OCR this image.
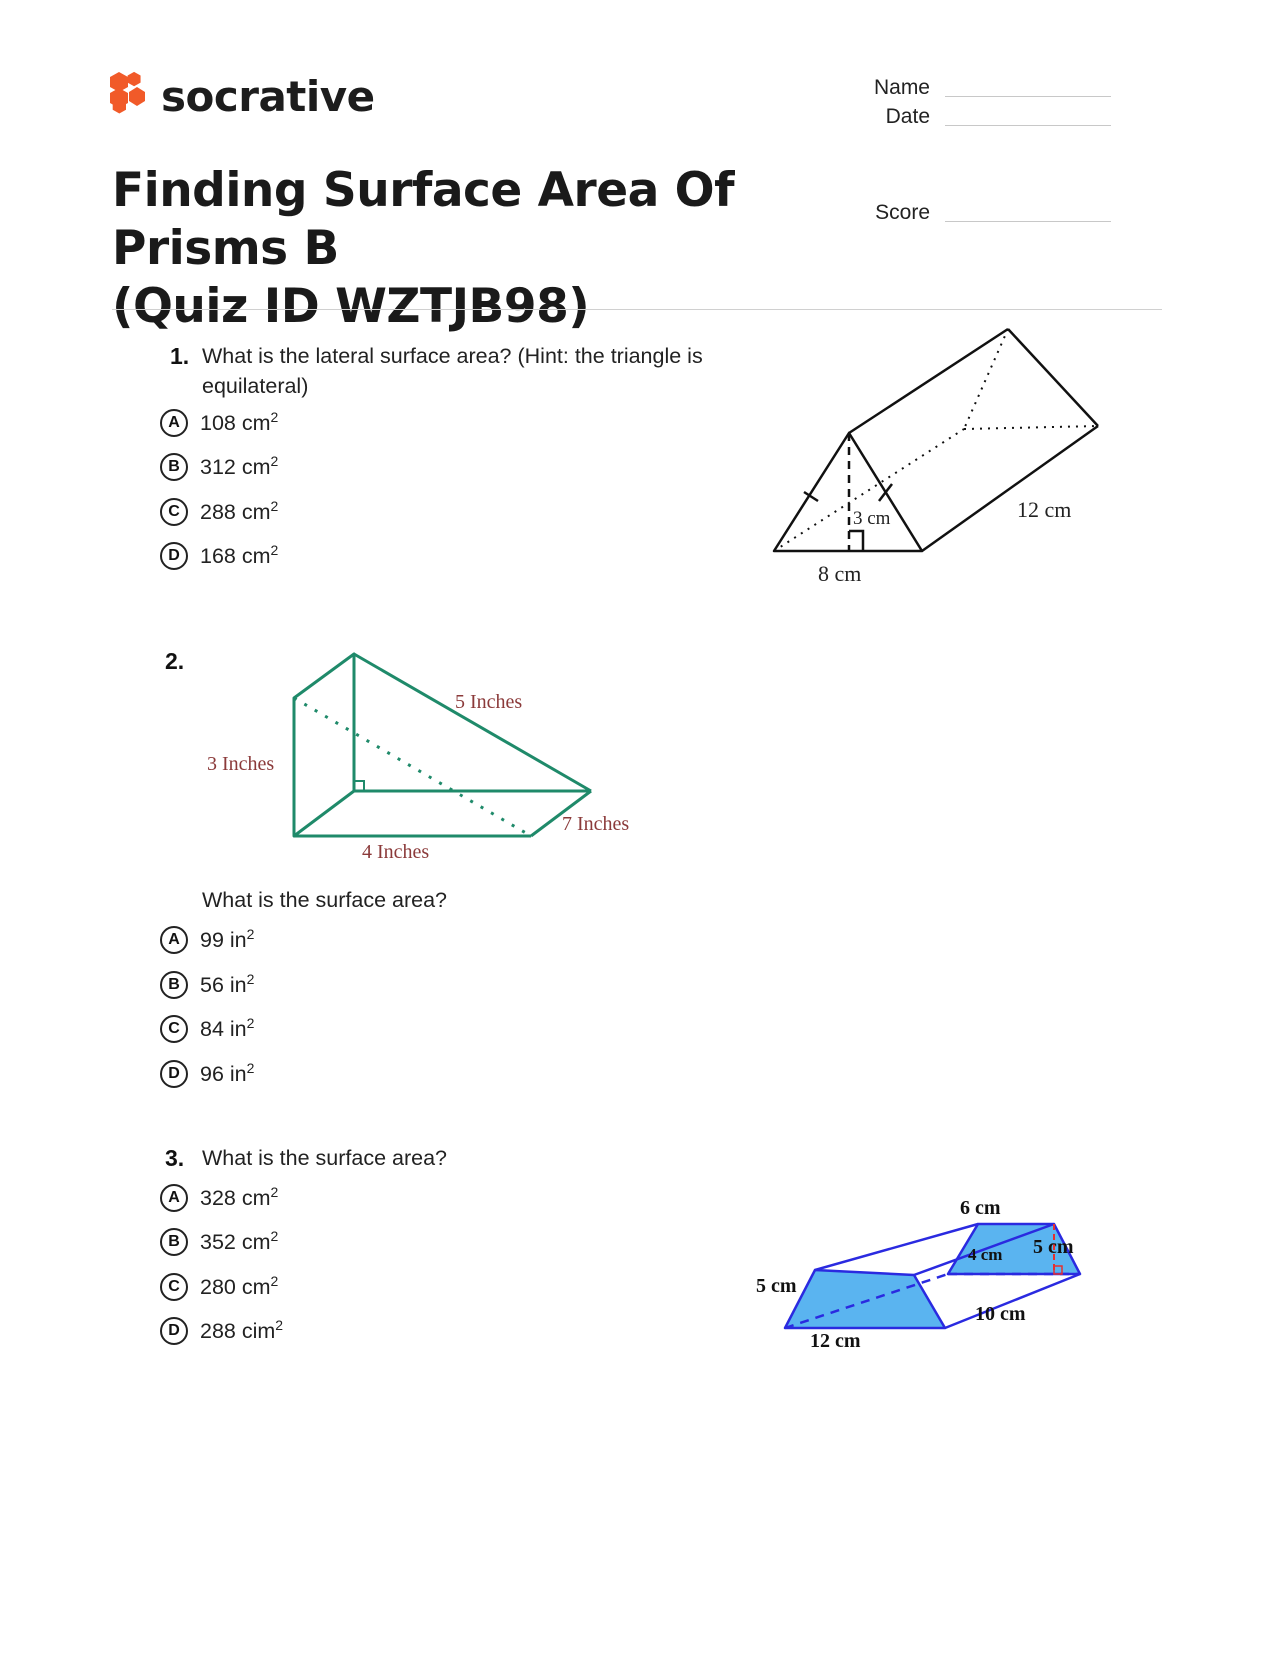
socrative	Name
Date
Score
Finding Surface Area Of Prisms B
(Quiz ID WZTJB98)
1. What is the lateral surface area? (Hint: the triangle is
equilateral)
A 108 $cm^2$
B 312 $cm^2$
C 288 $cm^2$
D 168 $cm^2$
3 cm
8 cm
12 cm
2.
5 Inches
3 Inches
7 Inches
4 Inches
What is the surface area?
A 99 $in^2$
B 56 $in^2$
C 84 $in^2$
D 96 $in^2$
3. What is the surface area?
A 328 $cm^2$
B 352 $cm^2$
C 280 $cm^2$
D 288 cim$^2$
6 cm
4 cm 5 cm
5 cm
10 cm
12 cm
